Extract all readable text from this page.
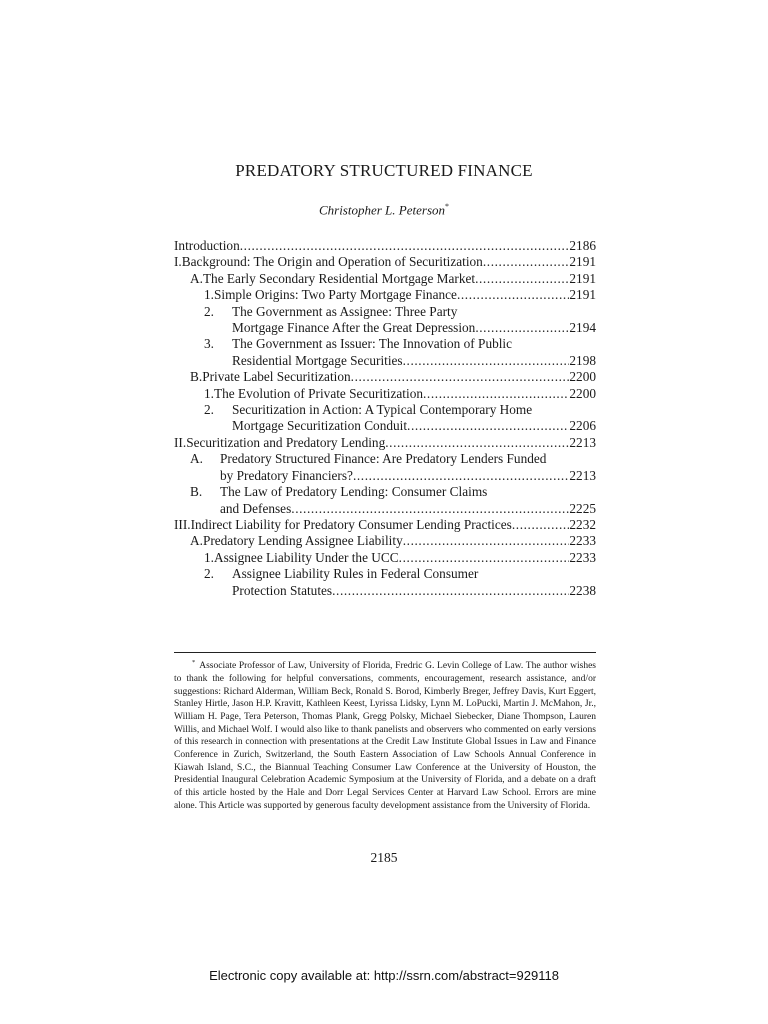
PREDATORY STRUCTURED FINANCE
Christopher L. Peterson*
Introduction .....	2186
I. Background: The Origin and Operation of Securitization .....	2191
A. The Early Secondary Residential Mortgage Market .....	2191
1. Simple Origins: Two Party Mortgage Finance .....	2191
2.	The Government as Assignee: Three Party
Mortgage Finance After the Great Depression .....	2194
3.	The Government as Issuer: The Innovation of Public
Residential Mortgage Securities .....	2198
B. Private Label Securitization .....	2200
1. The Evolution of Private Securitization .....	2200
2.	Securitization in Action: A Typical Contemporary Home
Mortgage Securitization Conduit .....	2206
II. Securitization and Predatory Lending .....	2213
A.	Predatory Structured Finance: Are Predatory Lenders Funded
by Predatory Financiers? .....	2213
B.	The Law of Predatory Lending: Consumer Claims
and Defenses .....	2225
III. Indirect Liability for Predatory Consumer Lending Practices .....	2232
A. Predatory Lending Assignee Liability .....	2233
1. Assignee Liability Under the UCC .....	2233
2.	Assignee Liability Rules in Federal Consumer
Protection Statutes .....	2238
* Associate Professor of Law, University of Florida, Fredric G. Levin College of Law. The author wishes to thank the following for helpful conversations, comments, encouragement, research assistance, and/or suggestions: Richard Alderman, William Beck, Ronald S. Borod, Kimberly Breger, Jeffrey Davis, Kurt Eggert, Stanley Hirtle, Jason H.P. Kravitt, Kathleen Keest, Lyrissa Lidsky, Lynn M. LoPucki, Martin J. McMahon, Jr., William H. Page, Tera Peterson, Thomas Plank, Gregg Polsky, Michael Siebecker, Diane Thompson, Lauren Willis, and Michael Wolf. I would also like to thank panelists and observers who commented on early versions of this research in connection with presentations at the Credit Law Institute Global Issues in Law and Finance Conference in Zurich, Switzerland, the South Eastern Association of Law Schools Annual Conference in Kiawah Island, S.C., the Biannual Teaching Consumer Law Conference at the University of Houston, the Presidential Inaugural Celebration Academic Symposium at the University of Florida, and a debate on a draft of this article hosted by the Hale and Dorr Legal Services Center at Harvard Law School. Errors are mine alone. This Article was supported by generous faculty development assistance from the University of Florida.
2185
Electronic copy available at: http://ssrn.com/abstract=929118
